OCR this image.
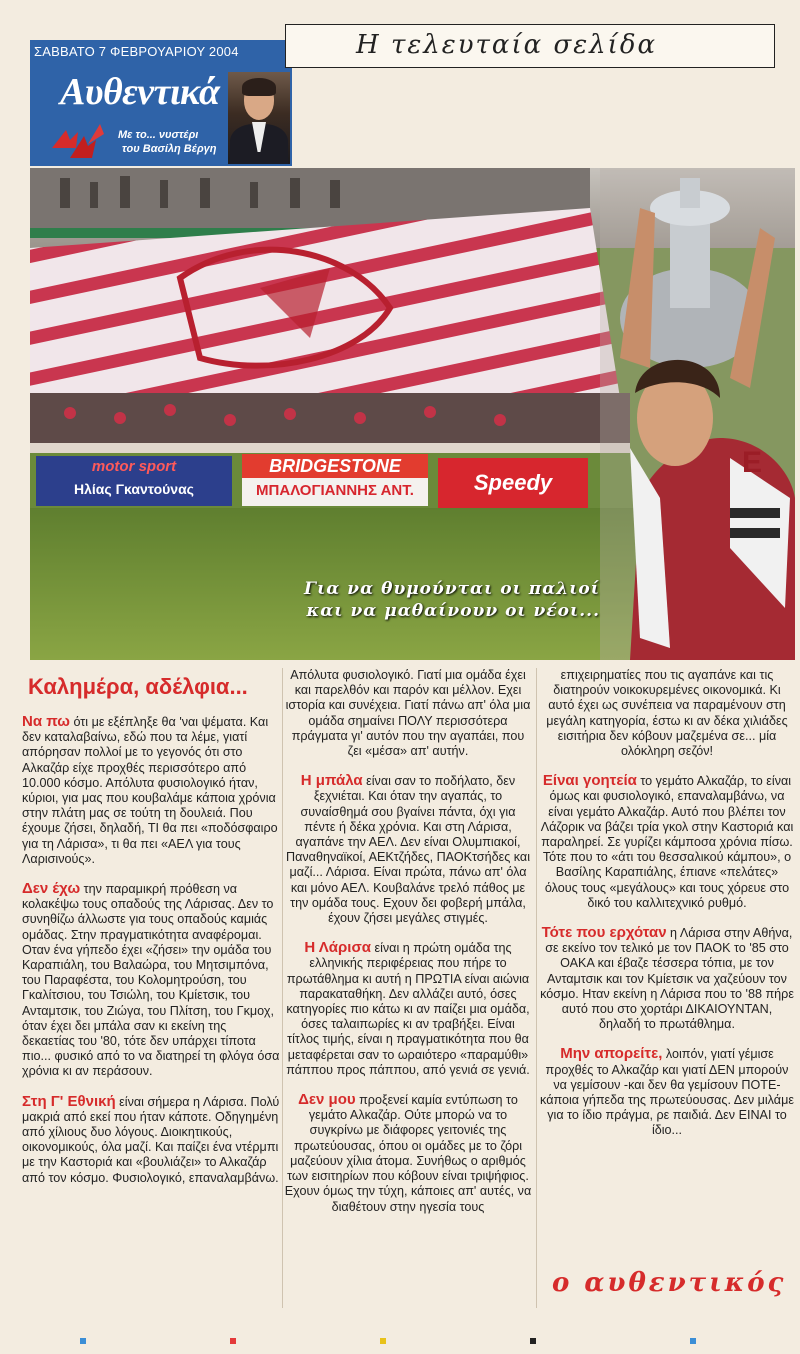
ΣΑΒΒΑΤΟ 7 ΦΕΒΡΟΥΑΡΙΟΥ 2004
Αυθεντικά
Με το... νυστέρι
του Βασίλη Βέργη
Η τελευταία σελίδα
motor sport
Ηλίας Γκαντούνας
BRIDGESTONE
ΜΠΑΛΟΓΙΑΝΝΗΣ ΑΝΤ.	Speedy
E
Για να θυμούνται οι παλιοί
και να μαθαίνουν οι νέοι...
Καλημέρα, αδέλφια...

Να πω ότι με εξέπληξε θα 'ναι ψέματα. Και δεν καταλαβαίνω, εδώ που τα λέμε, γιατί απόρησαν πολλοί με το γεγονός ότι στο Αλκαζάρ είχε προχθές περισσότερο από 10.000 κόσμο. Απόλυτα φυσιολογικό ήταν, κύριοι, για μας που κουβαλάμε κάποια χρόνια στην πλάτη μας σε τούτη τη δουλειά. Που έχουμε ζήσει, δηλαδή, ΤΙ θα πει «ποδόσφαιρο για τη Λάρισα», τι θα πει «ΑΕΛ για τους Λαρισινούς».

Δεν έχω την παραμικρή πρόθεση να κολακέψω τους οπαδούς της Λάρισας. Δεν το συνηθίζω άλλωστε για τους οπαδούς καμιάς ομάδας. Στην πραγματικότητα αναφέρομαι. Οταν ένα γήπεδο έχει «ζήσει» την ομάδα του Καραπιάλη, του Βαλαώρα, του Μητσιμπόνα, του Παραφέστα, του Κολομητρούση, του Γκαλίτσιου, του Τσιώλη, του Κμίετσικ, του Ανταμτσικ, του Ζιώγα, του Πλίτση, του Γκμοχ, όταν έχει δει μπάλα σαν κι εκείνη της δεκαετίας του '80, τότε δεν υπάρχει τίποτα πιο... φυσικό από το να διατηρεί τη φλόγα όσα χρόνια κι αν περάσουν.

Στη Γ' Εθνική είναι σήμερα η Λάρισα. Πολύ μακριά από εκεί που ήταν κάποτε. Οδηγημένη από χίλιους δυο λόγους. Διοικητικούς, οικονομικούς, όλα μαζί. Και παίζει ένα ντέρμπι με την Καστοριά και «βουλιάζει» το Αλκαζάρ από τον κόσμο. Φυσιολογικό, επαναλαμβάνω.

Απόλυτα φυσιολογικό. Γιατί μια ομάδα έχει και παρελθόν και παρόν και μέλλον. Εχει ιστορία και συνέχεια. Γιατί πάνω απ' όλα μια ομάδα σημαίνει ΠΟΛΥ περισσότερα πράγματα γι' αυτόν που την αγαπάει, που ζει «μέσα» απ' αυτήν.

Η μπάλα είναι σαν το ποδήλατο, δεν ξεχνιέται. Και όταν την αγαπάς, το συναίσθημά σου βγαίνει πάντα, όχι για πέντε ή δέκα χρόνια. Και στη Λάρισα, αγαπάνε την ΑΕΛ. Δεν είναι Ολυμπιακοί, Παναθηναϊκοί, ΑΕΚτζήδες, ΠΑΟΚτσήδες και μαζί... Λάρισα. Είναι πρώτα, πάνω απ' όλα και μόνο ΑΕΛ. Κουβαλάνε τρελό πάθος με την ομάδα τους. Εχουν δει φοβερή μπάλα, έχουν ζήσει μεγάλες στιγμές.

Η Λάρισα είναι η πρώτη ομάδα της ελληνικής περιφέρειας που πήρε το πρωτάθλημα κι αυτή η ΠΡΩΤΙΑ είναι αιώνια παρακαταθήκη. Δεν αλλάζει αυτό, όσες κατηγορίες πιο κάτω κι αν παίζει μια ομάδα, όσες ταλαιπωρίες κι αν τραβήξει. Είναι τίτλος τιμής, είναι η πραγματικότητα που θα μεταφέρεται σαν το ωραιότερο «παραμύθι» πάππου προς πάππου, από γενιά σε γενιά.

Δεν μου προξενεί καμία εντύπωση το γεμάτο Αλκαζάρ. Ούτε μπορώ να το συγκρίνω με διάφορες γειτονιές της πρωτεύουσας, όπου οι ομάδες με το ζόρι μαζεύουν χίλια άτομα. Συνήθως ο αριθμός των εισιτηρίων που κόβουν είναι τριψήφιος. Εχουν όμως την τύχη, κάποιες απ' αυτές, να διαθέτουν στην ηγεσία τους

επιχειρηματίες που τις αγαπάνε και τις διατηρούν νοικοκυρεμένες οικονομικά. Κι αυτό έχει ως συνέπεια να παραμένουν στη μεγάλη κατηγορία, έστω κι αν δέκα χιλιάδες εισιτήρια δεν κόβουν μαζεμένα σε... μία ολόκληρη σεζόν!

Είναι γοητεία το γεμάτο Αλκαζάρ, το είναι όμως και φυσιολογικό, επαναλαμβάνω, να είναι γεμάτο Αλκαζάρ. Αυτό που βλέπει τον Λάζορικ να βάζει τρία γκολ στην Καστοριά και παραληρεί. Σε γυρίζει κάμποσα χρόνια πίσω. Τότε που το «άτι του θεσσαλικού κάμπου», ο Βασίλης Καραπιάλης, έπιανε «πελάτες» όλους τους «μεγάλους» και τους χόρευε στο δικό του καλλιτεχνικό ρυθμό.

Τότε που ερχόταν η Λάρισα στην Αθήνα, σε εκείνο τον τελικό με τον ΠΑΟΚ το '85 στο ΟΑΚΑ και έβαζε τέσσερα τόπια, με τον Ανταμτσικ και τον Κμίετσικ να χαζεύουν τον κόσμο. Ηταν εκείνη η Λάρισα που το '88 πήρε αυτό που στο χορτάρι ΔΙΚΑΙΟΥΝΤΑΝ, δηλαδή το πρωτάθλημα.

Μην απορείτε, λοιπόν, γιατί γέμισε προχθές το Αλκαζάρ και γιατί ΔΕΝ μπορούν να γεμίσουν -και δεν θα γεμίσουν ΠΟΤΕ- κάποια γήπεδα της πρωτεύουσας. Δεν μιλάμε για το ίδιο πράγμα, ρε παιδιά. Δεν ΕΙΝΑΙ το ίδιο...

ο αυθεντικός
